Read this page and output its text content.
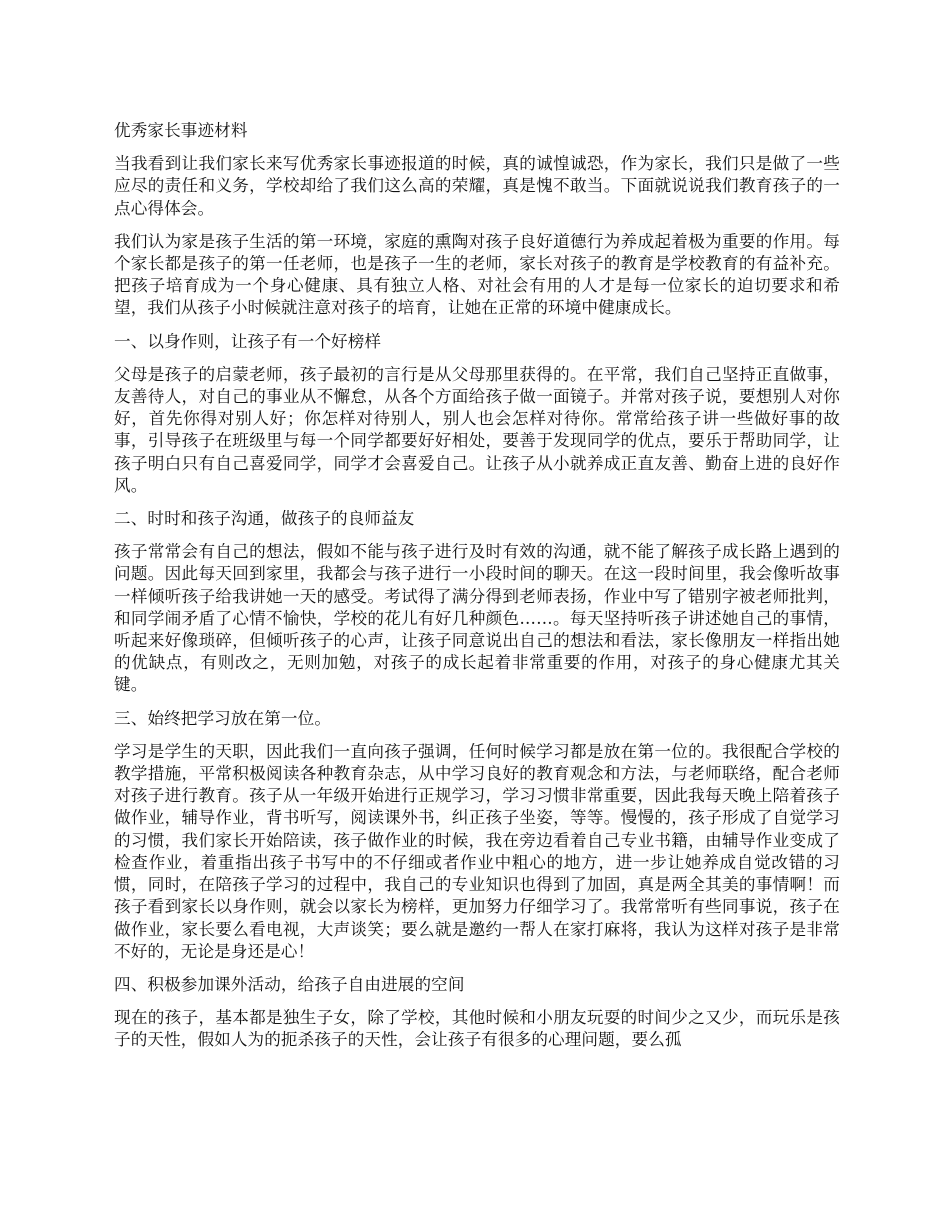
优秀家长事迹材料

当我看到让我们家长来写优秀家长事迹报道的时候，真的诚惶诚恐，作为家长，我们只是做了一些应尽的责任和义务，学校却给了我们这么高的荣耀，真是愧不敢当。下面就说说我们教育孩子的一点心得体会。

我们认为家是孩子生活的第一环境，家庭的熏陶对孩子良好道德行为养成起着极为重要的作用。每个家长都是孩子的第一任老师，也是孩子一生的老师，家长对孩子的教育是学校教育的有益补充。把孩子培育成为一个身心健康、具有独立人格、对社会有用的人才是每一位家长的迫切要求和希望，我们从孩子小时候就注意对孩子的培育，让她在正常的环境中健康成长。

一、以身作则，让孩子有一个好榜样

父母是孩子的启蒙老师，孩子最初的言行是从父母那里获得的。在平常，我们自己坚持正直做事，友善待人，对自己的事业从不懈怠，从各个方面给孩子做一面镜子。并常对孩子说，要想别人对你好，首先你得对别人好；你怎样对待别人，别人也会怎样对待你。常常给孩子讲一些做好事的故事，引导孩子在班级里与每一个同学都要好好相处，要善于发现同学的优点，要乐于帮助同学，让孩子明白只有自己喜爱同学，同学才会喜爱自己。让孩子从小就养成正直友善、勤奋上进的良好作风。

二、时时和孩子沟通，做孩子的良师益友

孩子常常会有自己的想法，假如不能与孩子进行及时有效的沟通，就不能了解孩子成长路上遇到的问题。因此每天回到家里，我都会与孩子进行一小段时间的聊天。在这一段时间里，我会像听故事一样倾听孩子给我讲她一天的感受。考试得了满分得到老师表扬，作业中写了错别字被老师批判，和同学闹矛盾了心情不愉快，学校的花儿有好几种颜色……。每天坚持听孩子讲述她自己的事情，听起来好像琐碎，但倾听孩子的心声，让孩子同意说出自己的想法和看法，家长像朋友一样指出她的优缺点，有则改之，无则加勉，对孩子的成长起着非常重要的作用，对孩子的身心健康尤其关键。

三、始终把学习放在第一位。

学习是学生的天职，因此我们一直向孩子强调，任何时候学习都是放在第一位的。我很配合学校的教学措施，平常积极阅读各种教育杂志，从中学习良好的教育观念和方法，与老师联络，配合老师对孩子进行教育。孩子从一年级开始进行正规学习，学习习惯非常重要，因此我每天晚上陪着孩子做作业，辅导作业，背书听写，阅读课外书，纠正孩子坐姿，等等。慢慢的，孩子形成了自觉学习的习惯，我们家长开始陪读，孩子做作业的时候，我在旁边看着自己专业书籍，由辅导作业变成了检查作业，着重指出孩子书写中的不仔细或者作业中粗心的地方，进一步让她养成自觉改错的习惯，同时，在陪孩子学习的过程中，我自己的专业知识也得到了加固，真是两全其美的事情啊！而孩子看到家长以身作则，就会以家长为榜样，更加努力仔细学习了。我常常听有些同事说，孩子在做作业，家长要么看电视，大声谈笑；要么就是邀约一帮人在家打麻将，我认为这样对孩子是非常不好的，无论是身还是心！

四、积极参加课外活动，给孩子自由进展的空间

现在的孩子，基本都是独生子女，除了学校，其他时候和小朋友玩耍的时间少之又少，而玩乐是孩子的天性，假如人为的扼杀孩子的天性，会让孩子有很多的心理问题，要么孤
